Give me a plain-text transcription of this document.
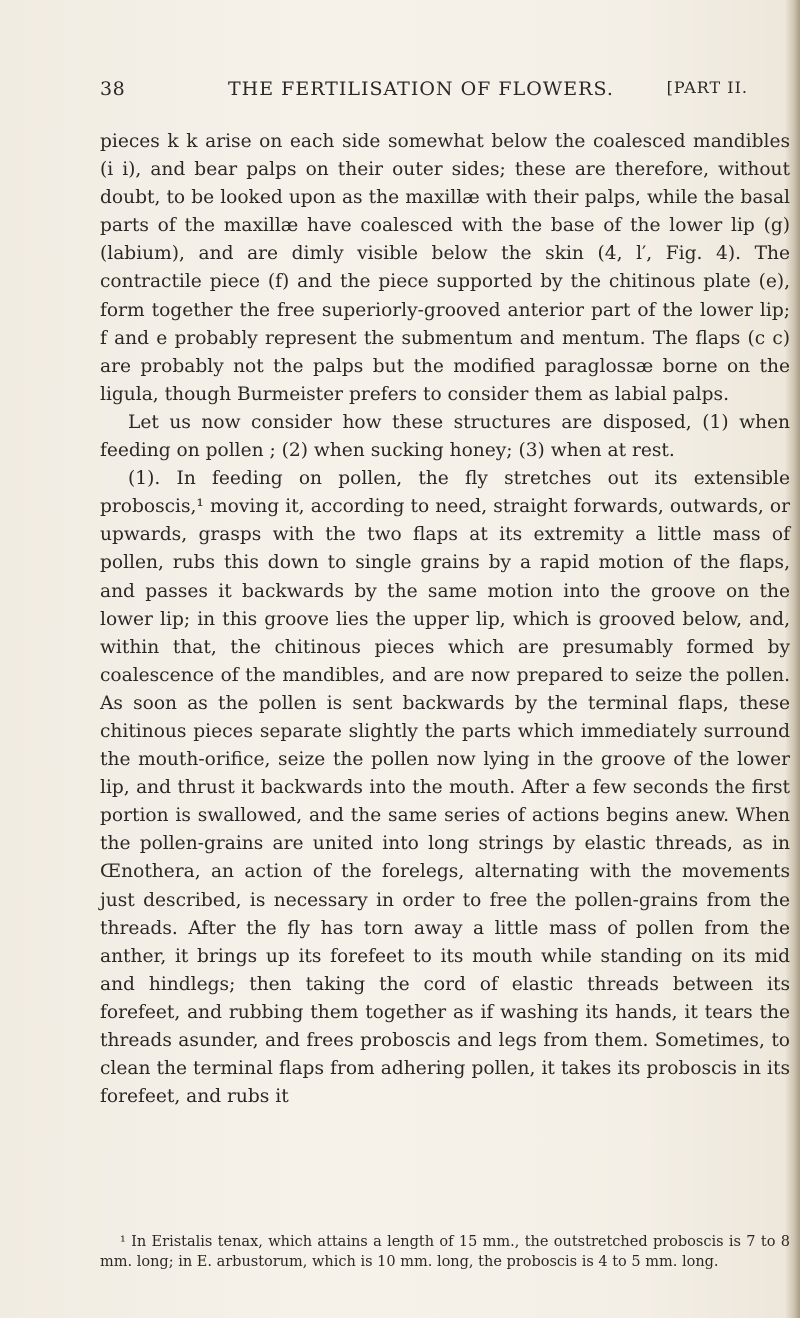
38	THE FERTILISATION OF FLOWERS.	[PART II.

pieces k k arise on each side somewhat below the coalesced mandibles (i i), and bear palps on their outer sides; these are therefore, without doubt, to be looked upon as the maxillæ with their palps, while the basal parts of the maxillæ have coalesced with the base of the lower lip (g) (labium), and are dimly visible below the skin (4, l′, Fig. 4). The contractile piece (f) and the piece supported by the chitinous plate (e), form together the free superiorly-grooved anterior part of the lower lip; f and e probably represent the submentum and mentum. The flaps (c c) are probably not the palps but the modified paraglossæ borne on the ligula, though Burmeister prefers to consider them as labial palps.

Let us now consider how these structures are disposed, (1) when feeding on pollen ; (2) when sucking honey; (3) when at rest.

(1). In feeding on pollen, the fly stretches out its extensible proboscis,¹ moving it, according to need, straight forwards, outwards, or upwards, grasps with the two flaps at its extremity a little mass of pollen, rubs this down to single grains by a rapid motion of the flaps, and passes it backwards by the same motion into the groove on the lower lip; in this groove lies the upper lip, which is grooved below, and, within that, the chitinous pieces which are presumably formed by coalescence of the mandibles, and are now prepared to seize the pollen. As soon as the pollen is sent backwards by the terminal flaps, these chitinous pieces separate slightly the parts which immediately surround the mouth-orifice, seize the pollen now lying in the groove of the lower lip, and thrust it backwards into the mouth. After a few seconds the first portion is swallowed, and the same series of actions begins anew. When the pollen-grains are united into long strings by elastic threads, as in Œnothera, an action of the forelegs, alternating with the movements just described, is necessary in order to free the pollen-grains from the threads. After the fly has torn away a little mass of pollen from the anther, it brings up its forefeet to its mouth while standing on its mid and hindlegs; then taking the cord of elastic threads between its forefeet, and rubbing them together as if washing its hands, it tears the threads asunder, and frees proboscis and legs from them. Sometimes, to clean the terminal flaps from adhering pollen, it takes its proboscis in its forefeet, and rubs it

¹ In Eristalis tenax, which attains a length of 15 mm., the outstretched proboscis is 7 to 8 mm. long; in E. arbustorum, which is 10 mm. long, the proboscis is 4 to 5 mm. long.
